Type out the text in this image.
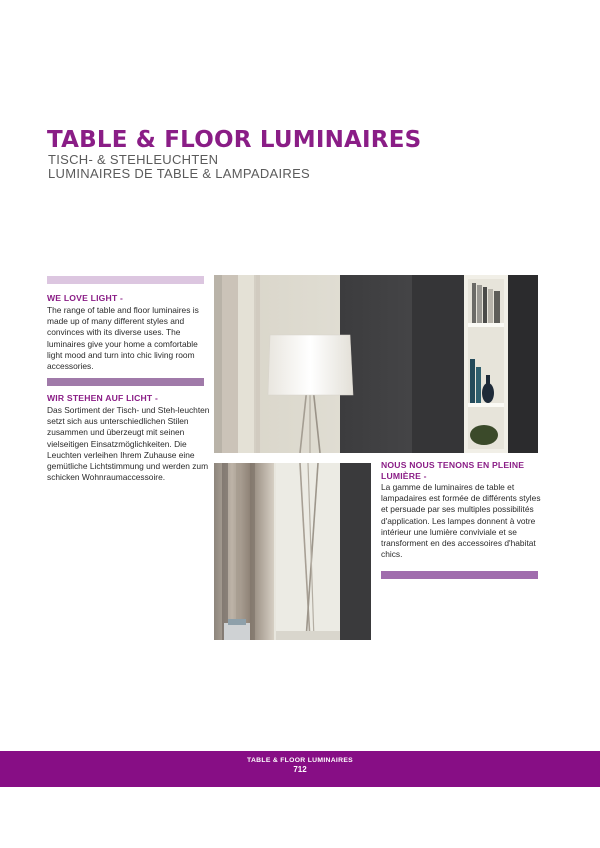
TABLE & FLOOR LUMINAIRES

TISCH- & STEHLEUCHTEN

LUMINAIRES DE TABLE & LAMPADAIRES

WE LOVE LIGHT -
The range of table and floor luminaires is made up of many different styles and convinces with its diverse uses. The luminaires give your home a comfortable light mood and turn into chic living room accessories.
WIR STEHEN AUF LICHT -
Das Sortiment der Tisch- und Steh-leuchten setzt sich aus unterschiedlichen Stilen zusammen und überzeugt mit seinen vielseitigen Einsatzmöglichkeiten. Die Leuchten verleihen Ihrem Zuhause eine gemütliche Lichtstimmung und werden zum schicken Wohnraumaccessoire.
NOUS NOUS TENONS EN PLEINE LUMIÈRE -
La gamme de luminaires de table et lampadaires est formée de différents styles et persuade par ses multiples possibilités d'application. Les lampes donnent à votre intérieur une lumière conviviale et se transforment en des accessoires d'habitat chics.
TABLE & FLOOR LUMINAIRES
712
